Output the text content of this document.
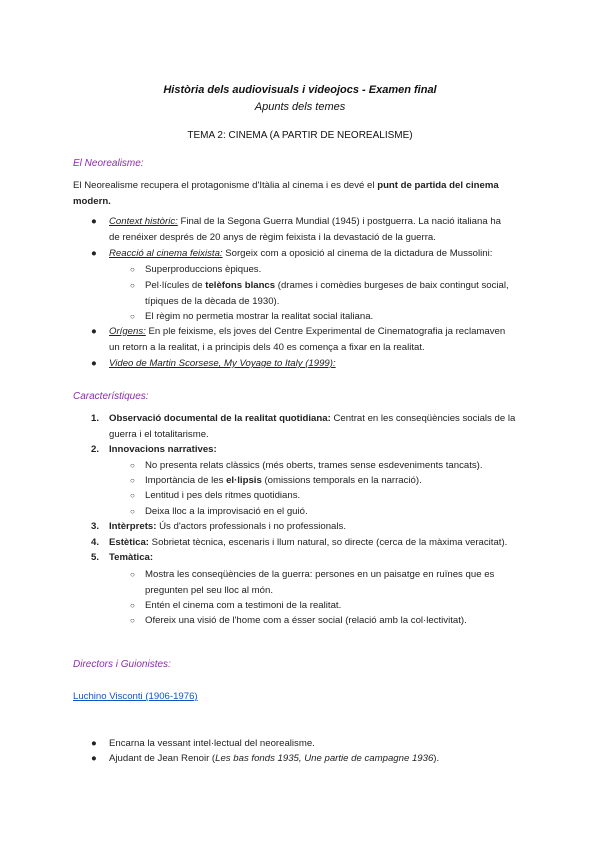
Història dels audiovisuals i videojocs - Examen final
Apunts dels temes
TEMA 2: CINEMA (A PARTIR DE NEOREALISME)
El Neorealisme:
El Neorealisme recupera el protagonisme d'Itàlia al cinema i es devé el punt de partida del cinema
modern.
● Context històric: Final de la Segona Guerra Mundial (1945) i postguerra. La nació italiana ha
de renéixer després de 20 anys de règim feixista i la devastació de la guerra.
● Reacció al cinema feixista: Sorgeix com a oposició al cinema de la dictadura de Mussolini:
○ Superproduccions èpiques.
○ Pel·lícules de telèfons blancs (drames i comèdies burgeses de baix contingut social,
típiques de la dècada de 1930).
○ El règim no permetia mostrar la realitat social italiana.
● Orígens: En ple feixisme, els joves del Centre Experimental de Cinematografia ja reclamaven
un retorn a la realitat, i a principis dels 40 es comença a fixar en la realitat.
● Video de Martin Scorsese, My Voyage to Italy (1999):
Característiques:
1. Observació documental de la realitat quotidiana: Centrat en les conseqüències socials de la
guerra i el totalitarisme.
2. Innovacions narratives:
○ No presenta relats clàssics (més oberts, trames sense esdeveniments tancats).
○ Importància de les el·lipsis (omissions temporals en la narració).
○ Lentitud i pes dels ritmes quotidians.
○ Deixa lloc a la improvisació en el guió.
3. Intèrprets: Ús d'actors professionals i no professionals.
4. Estètica: Sobrietat tècnica, escenaris i llum natural, so directe (cerca de la màxima veracitat).
5. Temàtica:
○ Mostra les conseqüències de la guerra: persones en un paisatge en ruïnes que es
pregunten pel seu lloc al món.
○ Entén el cinema com a testimoni de la realitat.
○ Ofereix una visió de l'home com a ésser social (relació amb la col·lectivitat).
Directors i Guionistes:
Luchino Visconti (1906-1976)
● Encarna la vessant intel·lectual del neorealisme.
● Ajudant de Jean Renoir (Les bas fonds 1935, Une partie de campagne 1936).
